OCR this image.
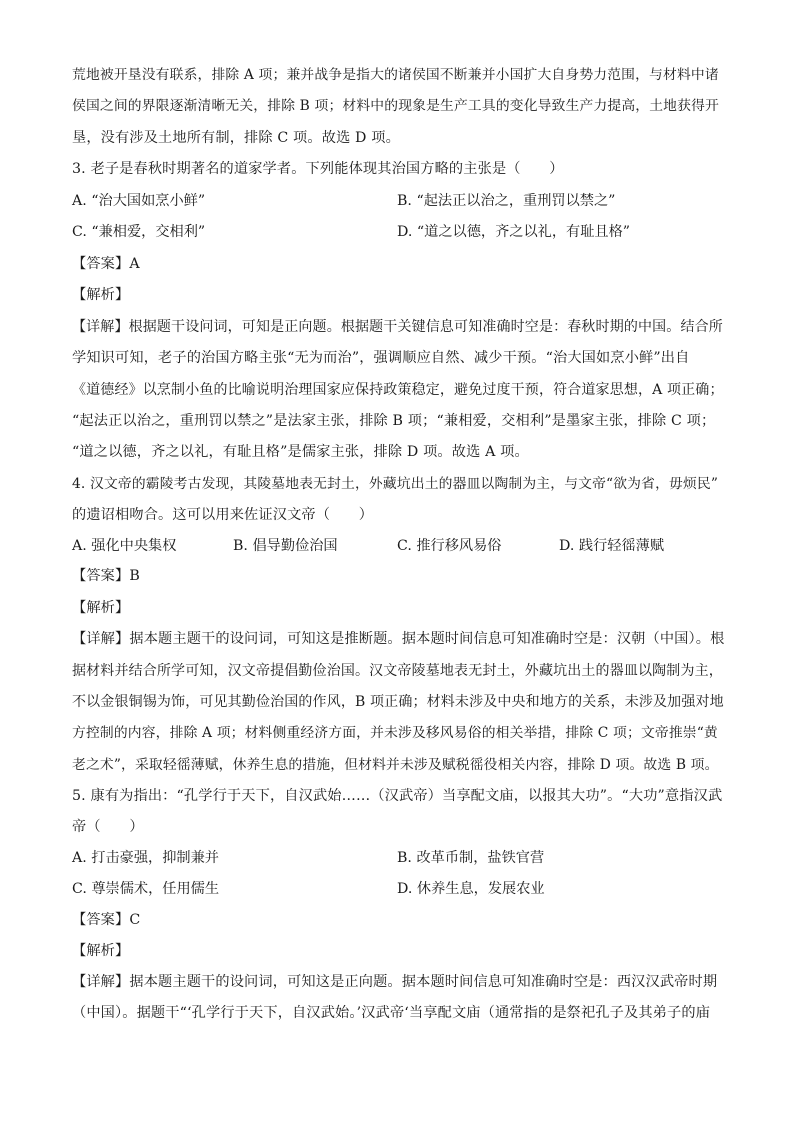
荒地被开垦没有联系，排除 A 项；兼并战争是指大的诸侯国不断兼并小国扩大自身势力范围，与材料中诸
侯国之间的界限逐渐清晰无关，排除 B 项；材料中的现象是生产工具的变化导致生产力提高，土地获得开
垦，没有涉及土地所有制，排除 C 项。故选 D 项。
3. 老子是春秋时期著名的道家学者。下列能体现其治国方略的主张是（　　）
A. “治大国如烹小鲜”	B. “起法正以治之，重刑罚以禁之”
C. “兼相爱，交相利”	D. “道之以德，齐之以礼，有耻且格”
【答案】A
【解析】
【详解】根据题干设问词，可知是正向题。根据题干关键信息可知准确时空是：春秋时期的中国。结合所
学知识可知，老子的治国方略主张“无为而治”，强调顺应自然、减少干预。“治大国如烹小鲜”出自
《道德经》以烹制小鱼的比喻说明治理国家应保持政策稳定，避免过度干预，符合道家思想，A 项正确；
“起法正以治之，重刑罚以禁之”是法家主张，排除 B 项；“兼相爱，交相利”是墨家主张，排除 C 项；
“道之以德，齐之以礼，有耻且格”是儒家主张，排除 D 项。故选 A 项。
4. 汉文帝的霸陵考古发现，其陵墓地表无封土，外藏坑出土的器皿以陶制为主，与文帝“欲为省，毋烦民”
的遗诏相吻合。这可以用来佐证汉文帝（　　）
A. 强化中央集权	B. 倡导勤俭治国	C. 推行移风易俗	D. 践行轻徭薄赋
【答案】B
【解析】
【详解】据本题主题干的设问词，可知这是推断题。据本题时间信息可知准确时空是：汉朝（中国）。根
据材料并结合所学可知，汉文帝提倡勤俭治国。汉文帝陵墓地表无封土，外藏坑出土的器皿以陶制为主，
不以金银铜锡为饰，可见其勤俭治国的作风，B 项正确；材料未涉及中央和地方的关系，未涉及加强对地
方控制的内容，排除 A 项；材料侧重经济方面，并未涉及移风易俗的相关举措，排除 C 项；文帝推崇“黄
老之术”，采取轻徭薄赋，休养生息的措施，但材料并未涉及赋税徭役相关内容，排除 D 项。故选 B 项。
5. 康有为指出：“孔学行于天下，自汉武始……（汉武帝）当享配文庙，以报其大功”。“大功”意指汉武
帝（　　）
A. 打击豪强，抑制兼并	B. 改革币制，盐铁官营
C. 尊崇儒术，任用儒生	D. 休养生息，发展农业
【答案】C
【解析】
【详解】据本题主题干的设问词，可知这是正向题。据本题时间信息可知准确时空是：西汉汉武帝时期
（中国）。据题干“‘孔学行于天下，自汉武始。’汉武帝‘当享配文庙（通常指的是祭祀孔子及其弟子的庙
